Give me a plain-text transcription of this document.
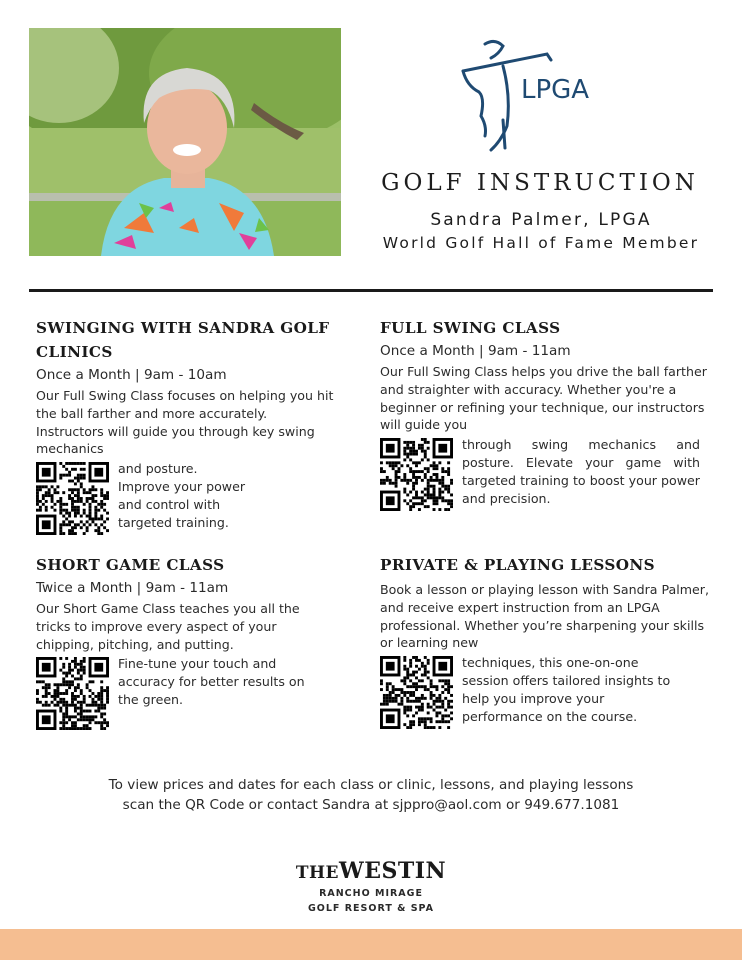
LPGA
GOLF INSTRUCTION
Sandra Palmer, LPGA
World Golf Hall of Fame Member
SWINGING WITH SANDRA GOLF CLINICS
Once a Month | 9am - 10am

Our Full Swing Class focuses on helping you hit the ball farther and more accurately. Instructors will guide you through key swing mechanics

and posture. Improve your power and control with targeted training.

FULL SWING CLASS
Once a Month | 9am - 11am

Our Full Swing Class helps you drive the ball farther and straighter with accuracy. Whether you're a beginner or refining your technique, our instructors will guide you

through swing mechanics and posture. Elevate your game with targeted training to boost your power and precision.

SHORT GAME CLASS
Twice a Month | 9am - 11am

Our Short Game Class teaches you all the tricks to improve every aspect of your chipping, pitching, and putting.

Fine-tune your touch and accuracy for better results on the green.

PRIVATE & PLAYING LESSONS

Book a lesson or playing lesson with Sandra Palmer, and receive expert instruction from an LPGA professional. Whether you’re sharpening your skills or learning new

techniques, this one-on-one session offers tailored insights to help you improve your performance on the course.

To view prices and dates for each class or clinic, lessons, and playing lessons
scan the QR Code or contact Sandra at sjppro@aol.com or 949.677.1081
THEWESTIN
RANCHO MIRAGE
GOLF RESORT & SPA
